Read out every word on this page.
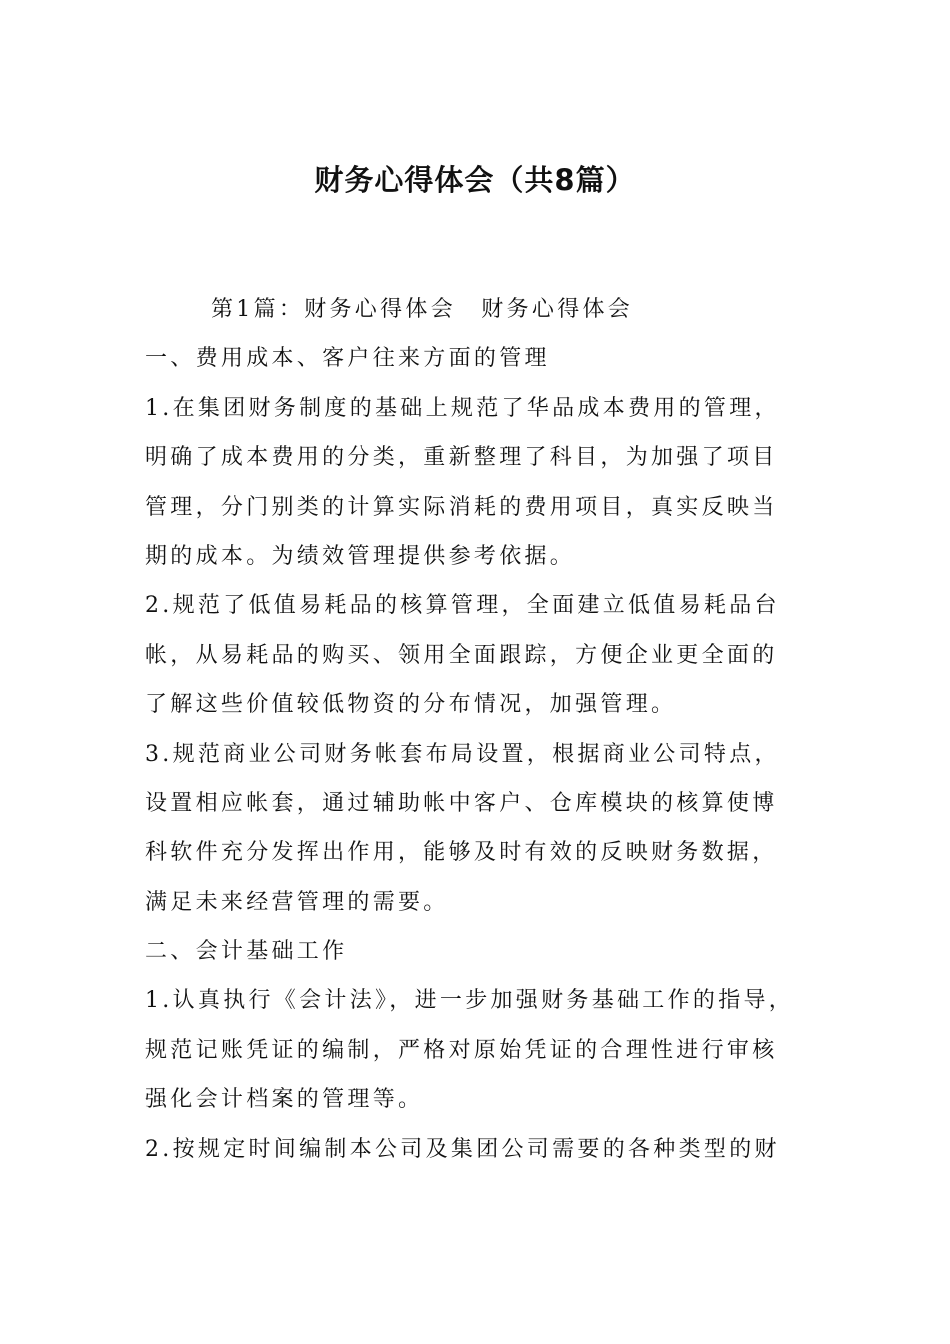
财务心得体会（共8篇）
第1篇：财务心得体会　财务心得体会
一、费用成本、客户往来方面的管理
1.在集团财务制度的基础上规范了华品成本费用的管理，
明确了成本费用的分类，重新整理了科目，为加强了项目
管理，分门别类的计算实际消耗的费用项目，真实反映当
期的成本。为绩效管理提供参考依据。
2.规范了低值易耗品的核算管理，全面建立低值易耗品台
帐，从易耗品的购买、领用全面跟踪，方便企业更全面的
了解这些价值较低物资的分布情况，加强管理。
3.规范商业公司财务帐套布局设置，根据商业公司特点，
设置相应帐套，通过辅助帐中客户、仓库模块的核算使博
科软件充分发挥出作用，能够及时有效的反映财务数据，
满足未来经营管理的需要。
二、会计基础工作
1.认真执行《会计法》，进一步加强财务基础工作的指导，
规范记账凭证的编制，严格对原始凭证的合理性进行审核
强化会计档案的管理等。
2.按规定时间编制本公司及集团公司需要的各种类型的财
